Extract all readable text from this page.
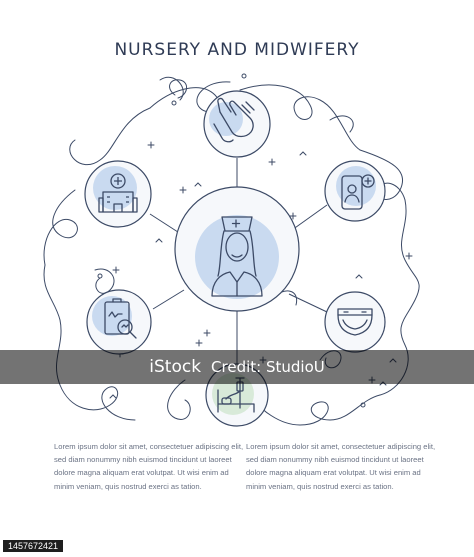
NURSERY AND MIDWIFERY
iStock Credit: StudioU
Lorem ipsum dolor sit amet, consectetuer adipiscing elit, sed diam nonummy nibh euismod tincidunt ut laoreet dolore magna aliquam erat volutpat. Ut wisi enim ad minim veniam, quis nostrud exerci as tation.
Lorem ipsum dolor sit amet, consectetuer adipiscing elit, sed diam nonummy nibh euismod tincidunt ut laoreet dolore magna aliquam erat volutpat. Ut wisi enim ad minim veniam, quis nostrud exerci as tation.
1457672421
